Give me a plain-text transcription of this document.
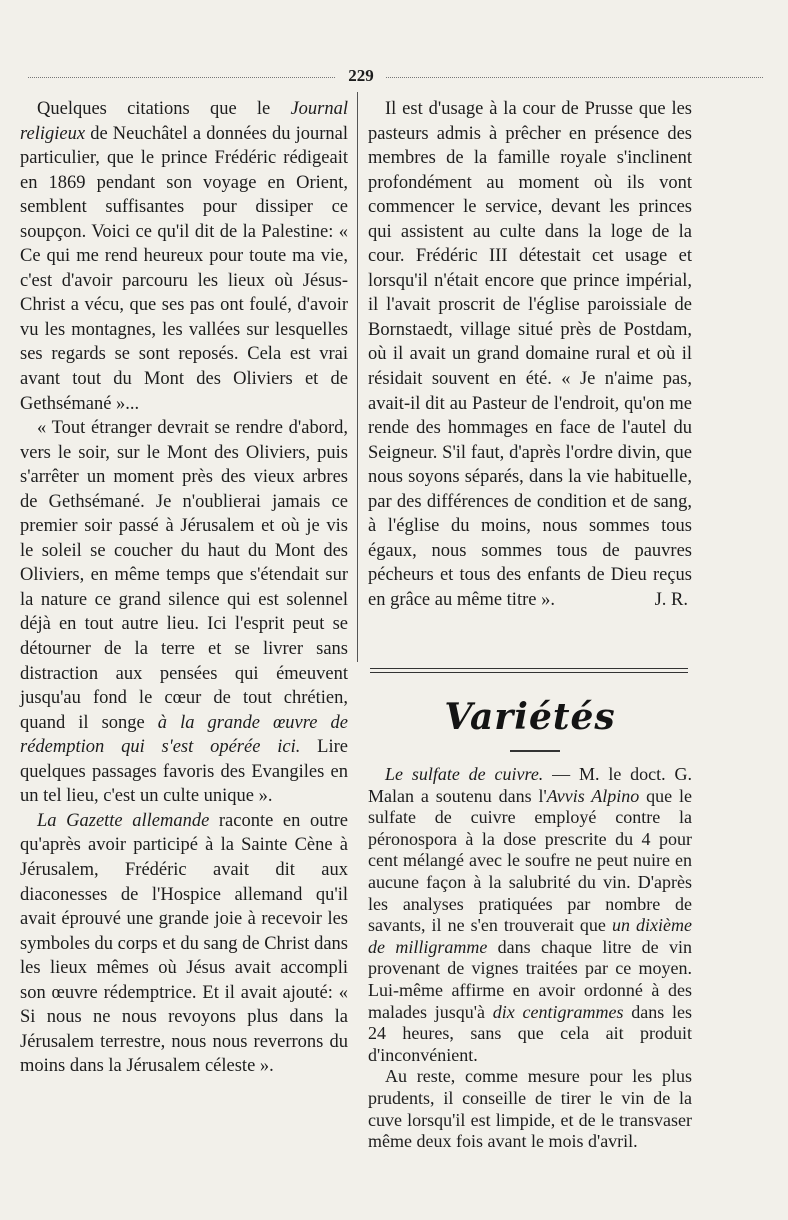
229

Quelques citations que le Journal religieux de Neuchâtel a données du journal particulier, que le prince Frédéric rédigeait en 1869 pendant son voyage en Orient, semblent suffisantes pour dissiper ce soupçon. Voici ce qu'il dit de la Palestine: « Ce qui me rend heureux pour toute ma vie, c'est d'avoir parcouru les lieux où Jésus-Christ a vécu, que ses pas ont foulé, d'avoir vu les montagnes, les vallées sur lesquelles ses regards se sont reposés. Cela est vrai avant tout du Mont des Oliviers et de Gethsémané »...

« Tout étranger devrait se rendre d'abord, vers le soir, sur le Mont des Oliviers, puis s'arrêter un moment près des vieux arbres de Gethsémané. Je n'oublierai jamais ce premier soir passé à Jérusalem et où je vis le soleil se coucher du haut du Mont des Oliviers, en même temps que s'étendait sur la nature ce grand silence qui est solennel déjà en tout autre lieu. Ici l'esprit peut se détourner de la terre et se livrer sans distraction aux pensées qui émeuvent jusqu'au fond le cœur de tout chrétien, quand il songe à la grande œuvre de rédemption qui s'est opérée ici. Lire quelques passages favoris des Evangiles en un tel lieu, c'est un culte unique ».

La Gazette allemande raconte en outre qu'après avoir participé à la Sainte Cène à Jérusalem, Frédéric avait dit aux diaconesses de l'Hospice allemand qu'il avait éprouvé une grande joie à recevoir les symboles du corps et du sang de Christ dans les lieux mêmes où Jésus avait accompli son œuvre rédemptrice. Et il avait ajouté: « Si nous ne nous revoyons plus dans la Jérusalem terrestre, nous nous reverrons du moins dans la Jérusalem céleste ».

Il est d'usage à la cour de Prusse que les pasteurs admis à prêcher en présence des membres de la famille royale s'inclinent profondément au moment où ils vont commencer le service, devant les princes qui assistent au culte dans la loge de la cour. Frédéric III détestait cet usage et lorsqu'il n'était encore que prince impérial, il l'avait proscrit de l'église paroissiale de Bornstaedt, village situé près de Postdam, où il avait un grand domaine rural et où il résidait souvent en été. « Je n'aime pas, avait-il dit au Pasteur de l'endroit, qu'on me rende des hommages en face de l'autel du Seigneur. S'il faut, d'après l'ordre divin, que nous soyons séparés, dans la vie habituelle, par des différences de condition et de sang, à l'église du moins, nous sommes tous égaux, nous sommes tous de pauvres pécheurs et tous des enfants de Dieu reçus en grâce au même titre ».	J. R.

Variétés

Le sulfate de cuivre. — M. le doct. G. Malan a soutenu dans l'Avvis Alpino que le sulfate de cuivre employé contre la péronospora à la dose prescrite du 4 pour cent mélangé avec le soufre ne peut nuire en aucune façon à la salubrité du vin. D'après les analyses pratiquées par nombre de savants, il ne s'en trouverait que un dixième de milligramme dans chaque litre de vin provenant de vignes traitées par ce moyen. Lui-même affirme en avoir ordonné à des malades jusqu'à dix centigrammes dans les 24 heures, sans que cela ait produit d'inconvénient.

Au reste, comme mesure pour les plus prudents, il conseille de tirer le vin de la cuve lorsqu'il est limpide, et de le transvaser même deux fois avant le mois d'avril.
